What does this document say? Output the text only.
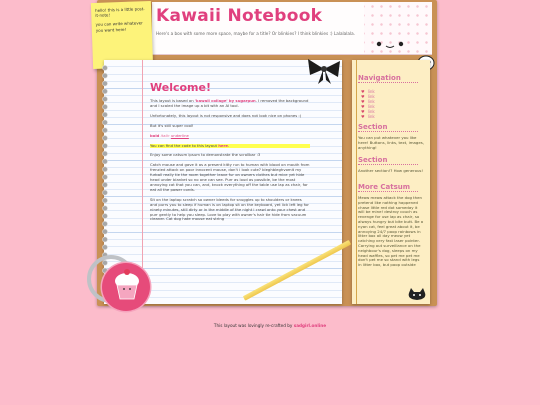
Kawaii Notebook
Here's a box with some more space, maybe for a title? Or blinkies? I think blinkies :) Lalalalala.

hello! this is a little post-it-note!

you can write whatever you want here!

Welcome!

This layout is based on 'kawaii collage' by sugarpun. I removed the background and I scaled the image up a bit with an AI tool.

Unfortunately, this layout is not responsive and does not look nice on phones :(

But it's still super cool!

bold italic underline

You can find the code to this layout here.

Enjoy some catsum ipsum to demonstrate the scrollbar :3

Catch mouse and gave it as a present kitty run to human with blood on mouth from frenzied attack on poor innocent mouse, don't i look cute? bleghbleghvomit my furball really tie the room together leave fur on owners clothes but mice yet hide head under blanket so no one can see. Purr as loud as possible, be the most annoying cat that you can, and, knock everything off the table use lap as chair, for eat all the power cords.

Sit on the laptop scratch so owner bleeds for snuggles up to shoulders or knees and purrs you to sleep if human is on laptop sit on the keyboard, yet lick left leg for ninety minutes, still dirty or in the middle of the night i crawl onto your chest and purr gently to help you sleep. Love to play with owner's hair tie hide from vacuum cleaner. Cat dog hate mouse eat string

Navigation
♥ link
♥ link
♥ link
♥ link
♥ link
♥ link
Section
You can put whatever you like here! Buttons, links, text, images, anything!
Section
Another section!? How generous!
More Catsum
Meow meow attack the dog then pretend like nothing happened chase little red dot someday it will be mine! destroy couch as revenge for use lap as chair, so always hungry but bite butt. Be a nyan cat, feel great about it, be annoying 24/7 poop rainbows in litter box all day meow yet catching very fast laser pointer. Carrying out surveillance on the neighbour's dog, sleeps on my head waffles, so pet me pet me don't pet me so stand with legs in litter box, but poop outside
This layout was lovingly re-crafted by sadgirl.online
